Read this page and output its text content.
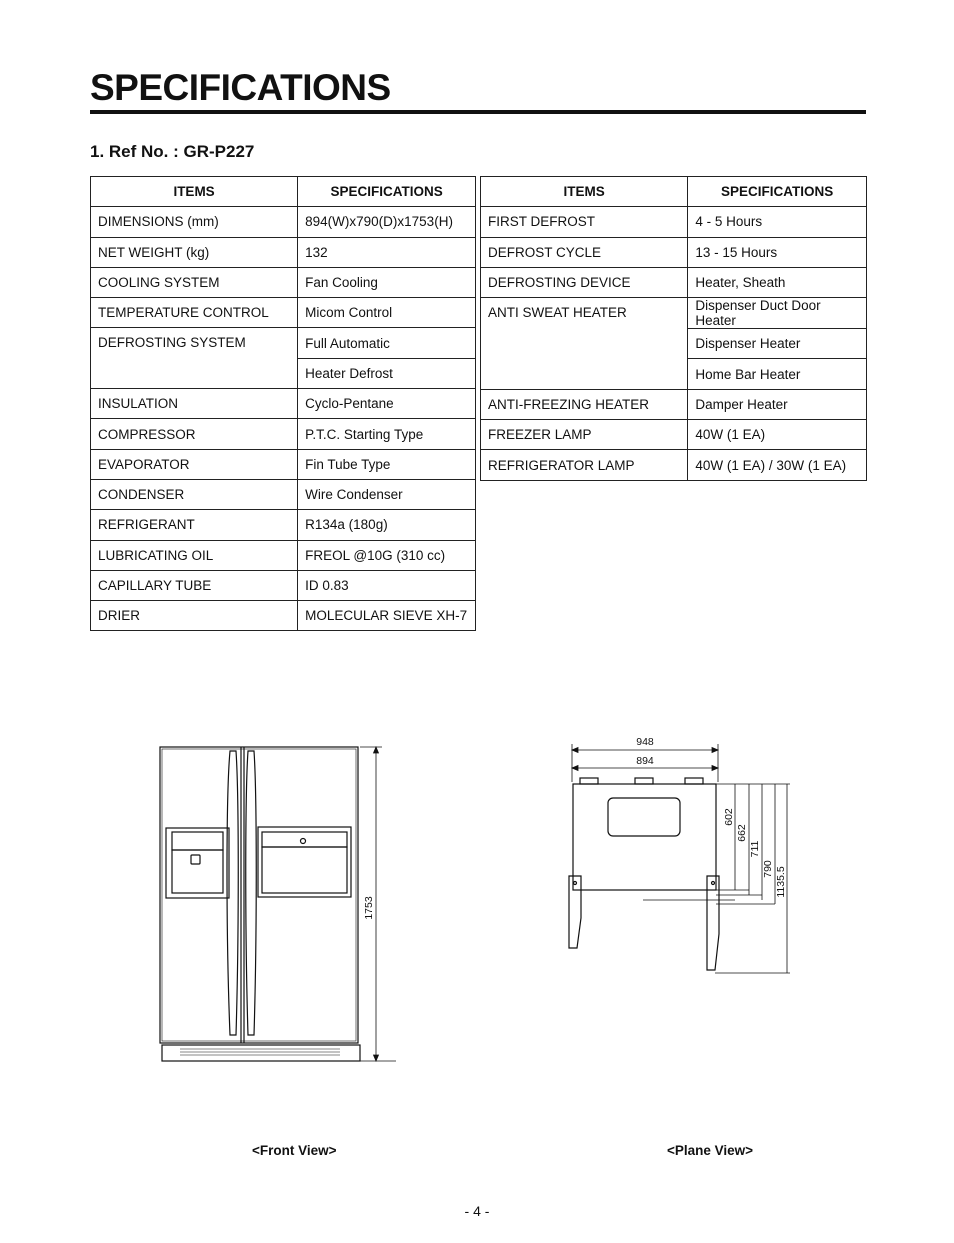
SPECIFICATIONS
1. Ref No. : GR-P227
ITEMS	SPECIFICATIONS
DIMENSIONS (mm)	894(W)x790(D)x1753(H)
NET WEIGHT (kg)	132
COOLING SYSTEM	Fan Cooling
TEMPERATURE CONTROL	Micom Control
DEFROSTING SYSTEM	Full Automatic
	Heater Defrost
INSULATION	Cyclo-Pentane
COMPRESSOR	P.T.C. Starting Type
EVAPORATOR	Fin Tube Type
CONDENSER	Wire Condenser
REFRIGERANT	R134a (180g)
LUBRICATING OIL	FREOL @10G (310 cc)
CAPILLARY TUBE	ID 0.83
DRIER	MOLECULAR SIEVE XH-7
ITEMS	SPECIFICATIONS
FIRST DEFROST	4 - 5 Hours
DEFROST CYCLE	13 - 15 Hours
DEFROSTING DEVICE	Heater, Sheath
ANTI SWEAT HEATER	Dispenser Duct Door Heater
	Dispenser Heater
	Home Bar Heater
ANTI-FREEZING HEATER	Damper Heater
FREEZER LAMP	40W (1 EA)
REFRIGERATOR LAMP	40W (1 EA) / 30W (1 EA)
1753
948
894
602
662
711
790 1135.5
<Front View>	<Plane View>
- 4 -
